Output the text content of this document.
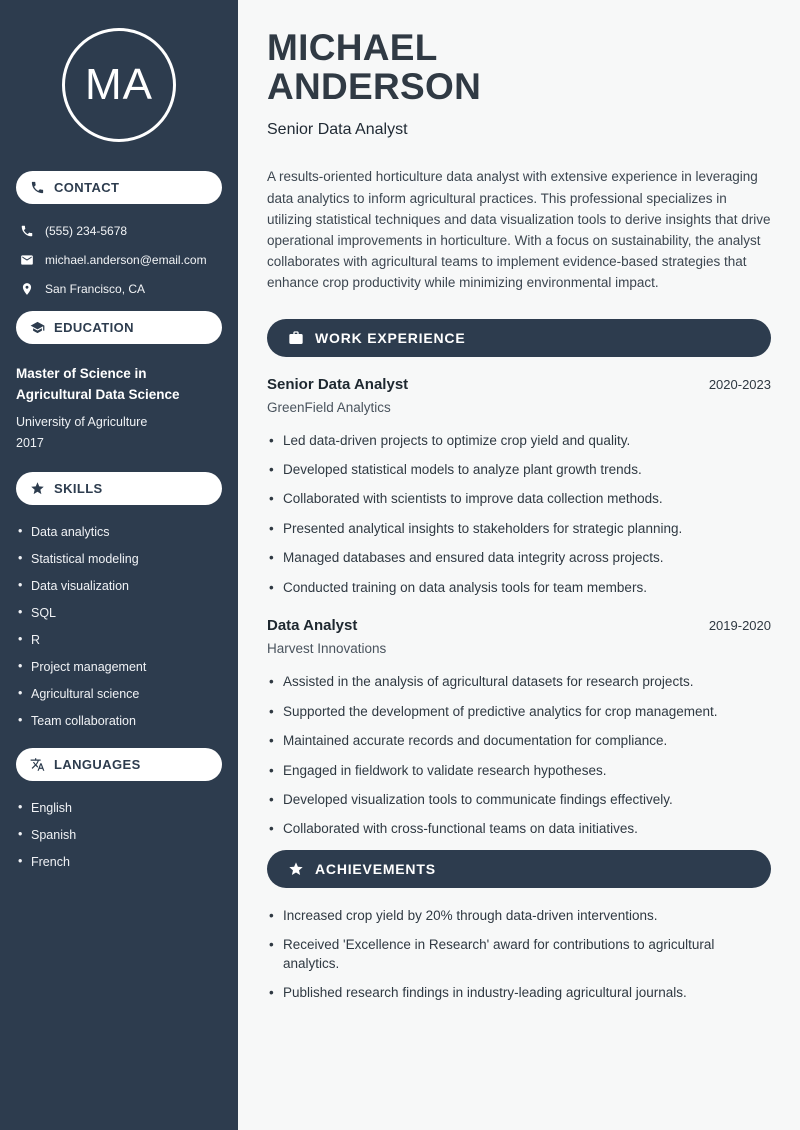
MA
CONTACT
(555) 234-5678
michael.anderson@email.com
San Francisco, CA
EDUCATION
Master of Science in Agricultural Data Science
University of Agriculture
2017
SKILLS
• Data analytics
• Statistical modeling
• Data visualization
• SQL
• R
• Project management
• Agricultural science
• Team collaboration
LANGUAGES
• English
• Spanish
• French
MICHAEL
ANDERSON
Senior Data Analyst

A results-oriented horticulture data analyst with extensive experience in leveraging data analytics to inform agricultural practices. This professional specializes in utilizing statistical techniques and data visualization tools to derive insights that drive operational improvements in horticulture. With a focus on sustainability, the analyst collaborates with agricultural teams to implement evidence-based strategies that enhance crop productivity while minimizing environmental impact.

WORK EXPERIENCE
Senior Data Analyst	2020-2023
GreenField Analytics
• Led data-driven projects to optimize crop yield and quality.
• Developed statistical models to analyze plant growth trends.
• Collaborated with scientists to improve data collection methods.
• Presented analytical insights to stakeholders for strategic planning.
• Managed databases and ensured data integrity across projects.
• Conducted training on data analysis tools for team members.
Data Analyst	2019-2020
Harvest Innovations
• Assisted in the analysis of agricultural datasets for research projects.
• Supported the development of predictive analytics for crop management.
• Maintained accurate records and documentation for compliance.
• Engaged in fieldwork to validate research hypotheses.
• Developed visualization tools to communicate findings effectively.
• Collaborated with cross-functional teams on data initiatives.
ACHIEVEMENTS
• Increased crop yield by 20% through data-driven interventions.
• Received 'Excellence in Research' award for contributions to agricultural analytics.
• Published research findings in industry-leading agricultural journals.
